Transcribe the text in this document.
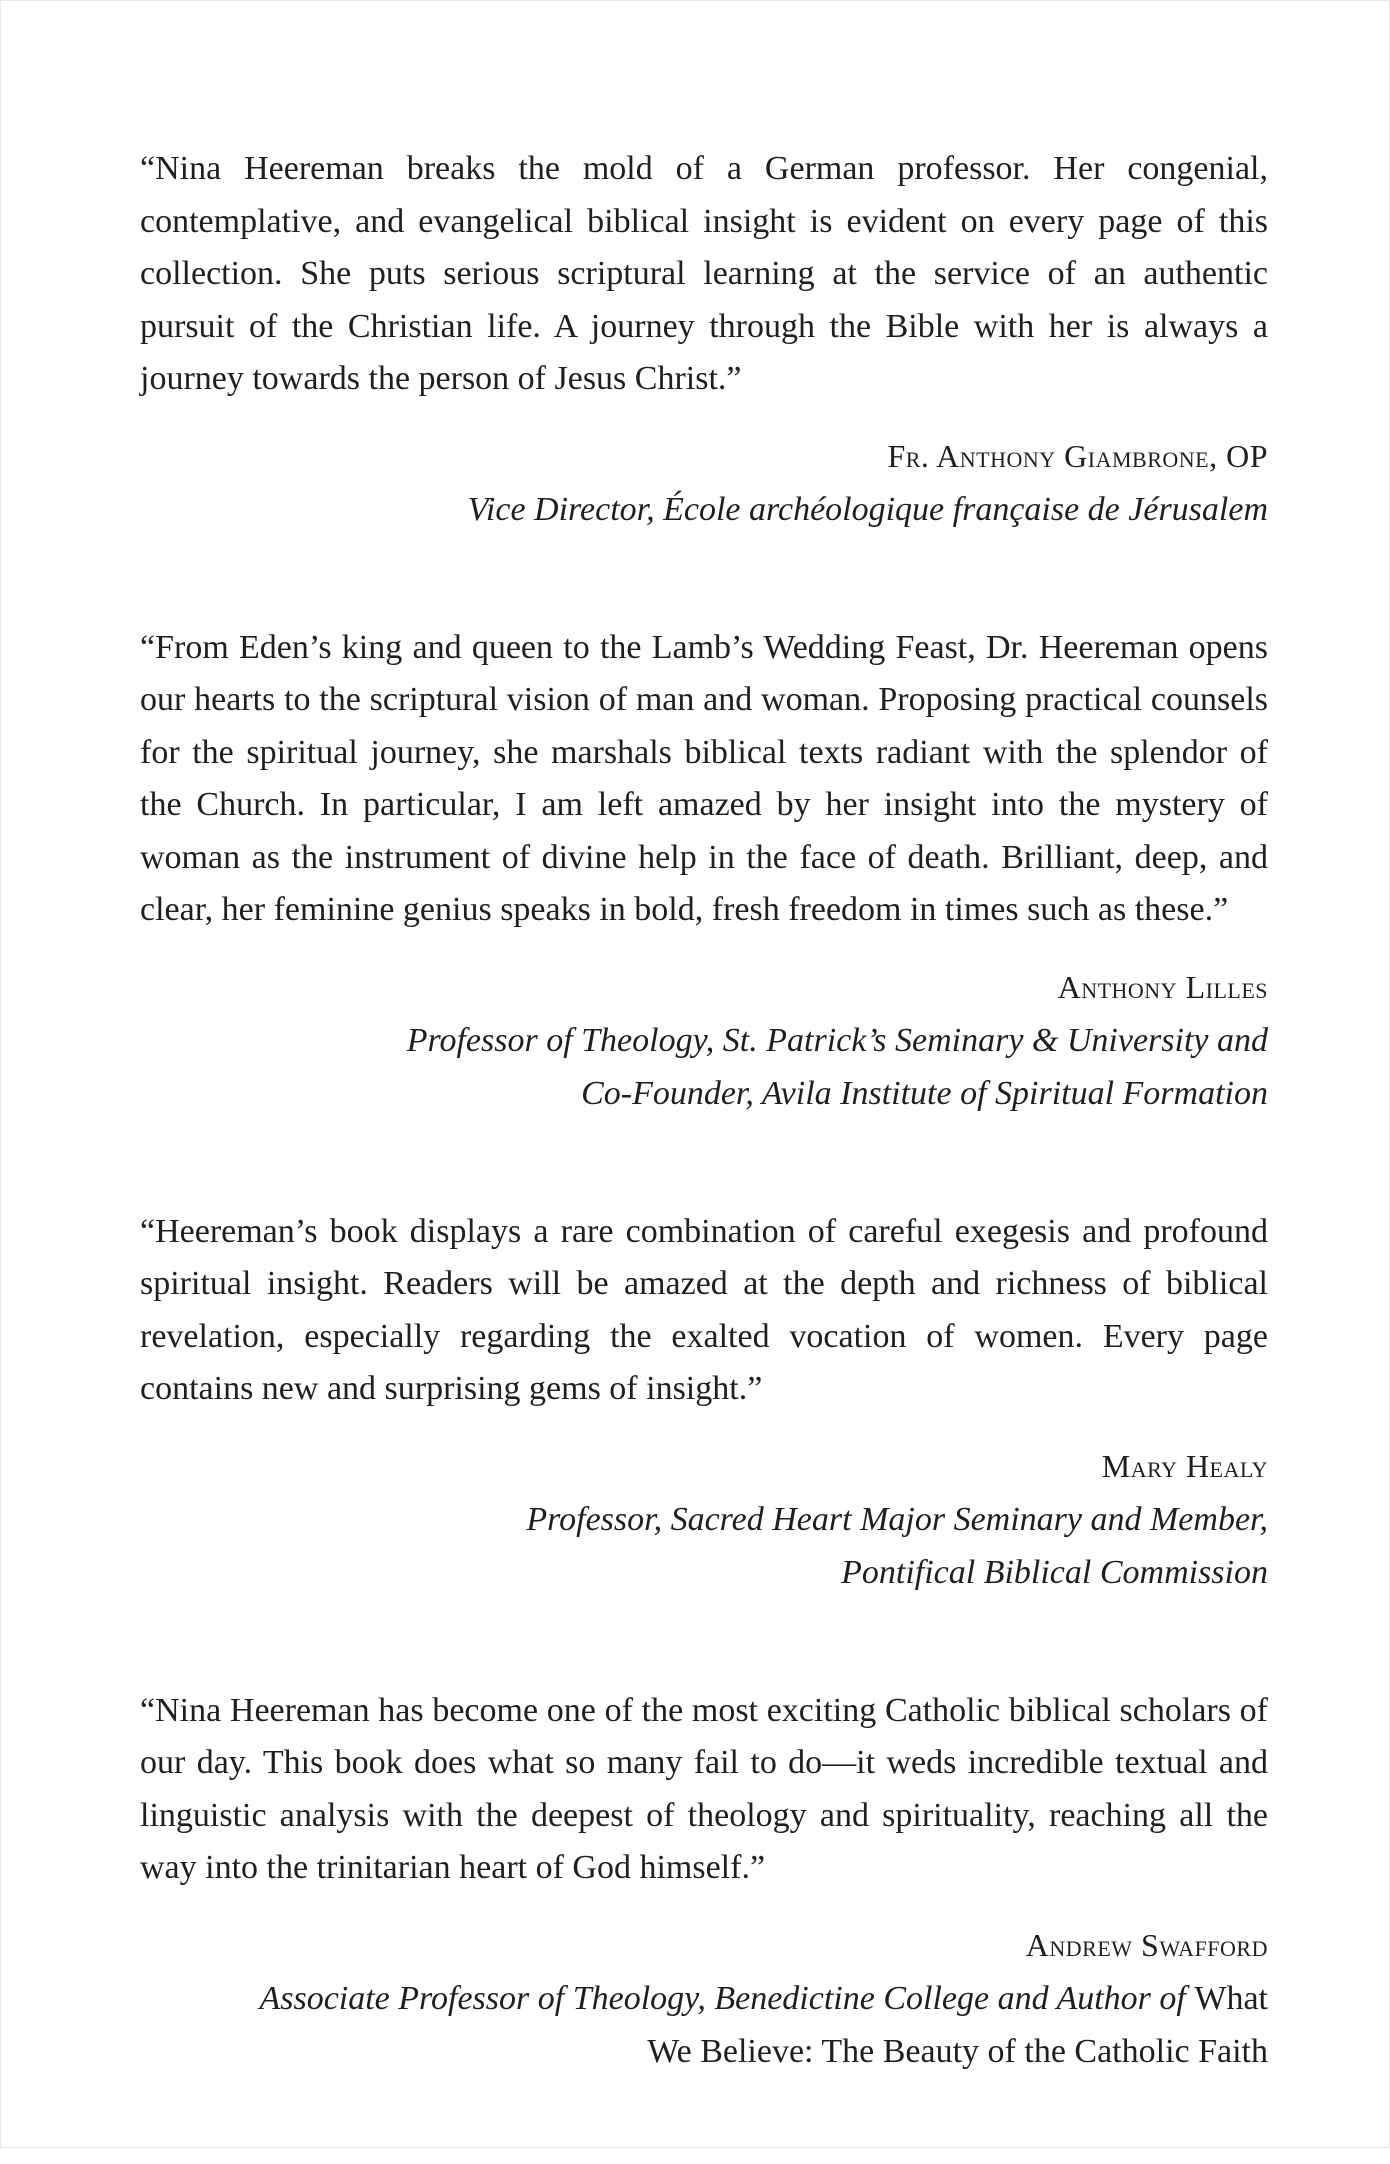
“Nina Heereman breaks the mold of a German professor. Her congenial, contemplative, and evangelical biblical insight is evident on every page of this collection. She puts serious scriptural learning at the service of an authentic pursuit of the Christian life. A journey through the Bible with her is always a journey towards the person of Jesus Christ.”

Fr. Anthony Giambrone, OP

Vice Director, École archéologique française de Jérusalem

“From Eden’s king and queen to the Lamb’s Wedding Feast, Dr. Heereman opens our hearts to the scriptural vision of man and woman. Proposing practical counsels for the spiritual journey, she marshals biblical texts radiant with the splendor of the Church. In particular, I am left amazed by her insight into the mystery of woman as the instrument of divine help in the face of death. Brilliant, deep, and clear, her feminine genius speaks in bold, fresh freedom in times such as these.”

Anthony Lilles

Professor of Theology, St. Patrick’s Seminary & University and
Co-Founder, Avila Institute of Spiritual Formation

“Heereman’s book displays a rare combination of careful exegesis and profound spiritual insight. Readers will be amazed at the depth and richness of biblical revelation, especially regarding the exalted vocation of women. Every page contains new and surprising gems of insight.”

Mary Healy

Professor, Sacred Heart Major Seminary and Member,
Pontifical Biblical Commission

“Nina Heereman has become one of the most exciting Catholic biblical scholars of our day. This book does what so many fail to do—it weds incredible textual and linguistic analysis with the deepest of theology and spirituality, reaching all the way into the trinitarian heart of God himself.”

Andrew Swafford

Associate Professor of Theology, Benedictine College and Author of What
We Believe: The Beauty of the Catholic Faith
